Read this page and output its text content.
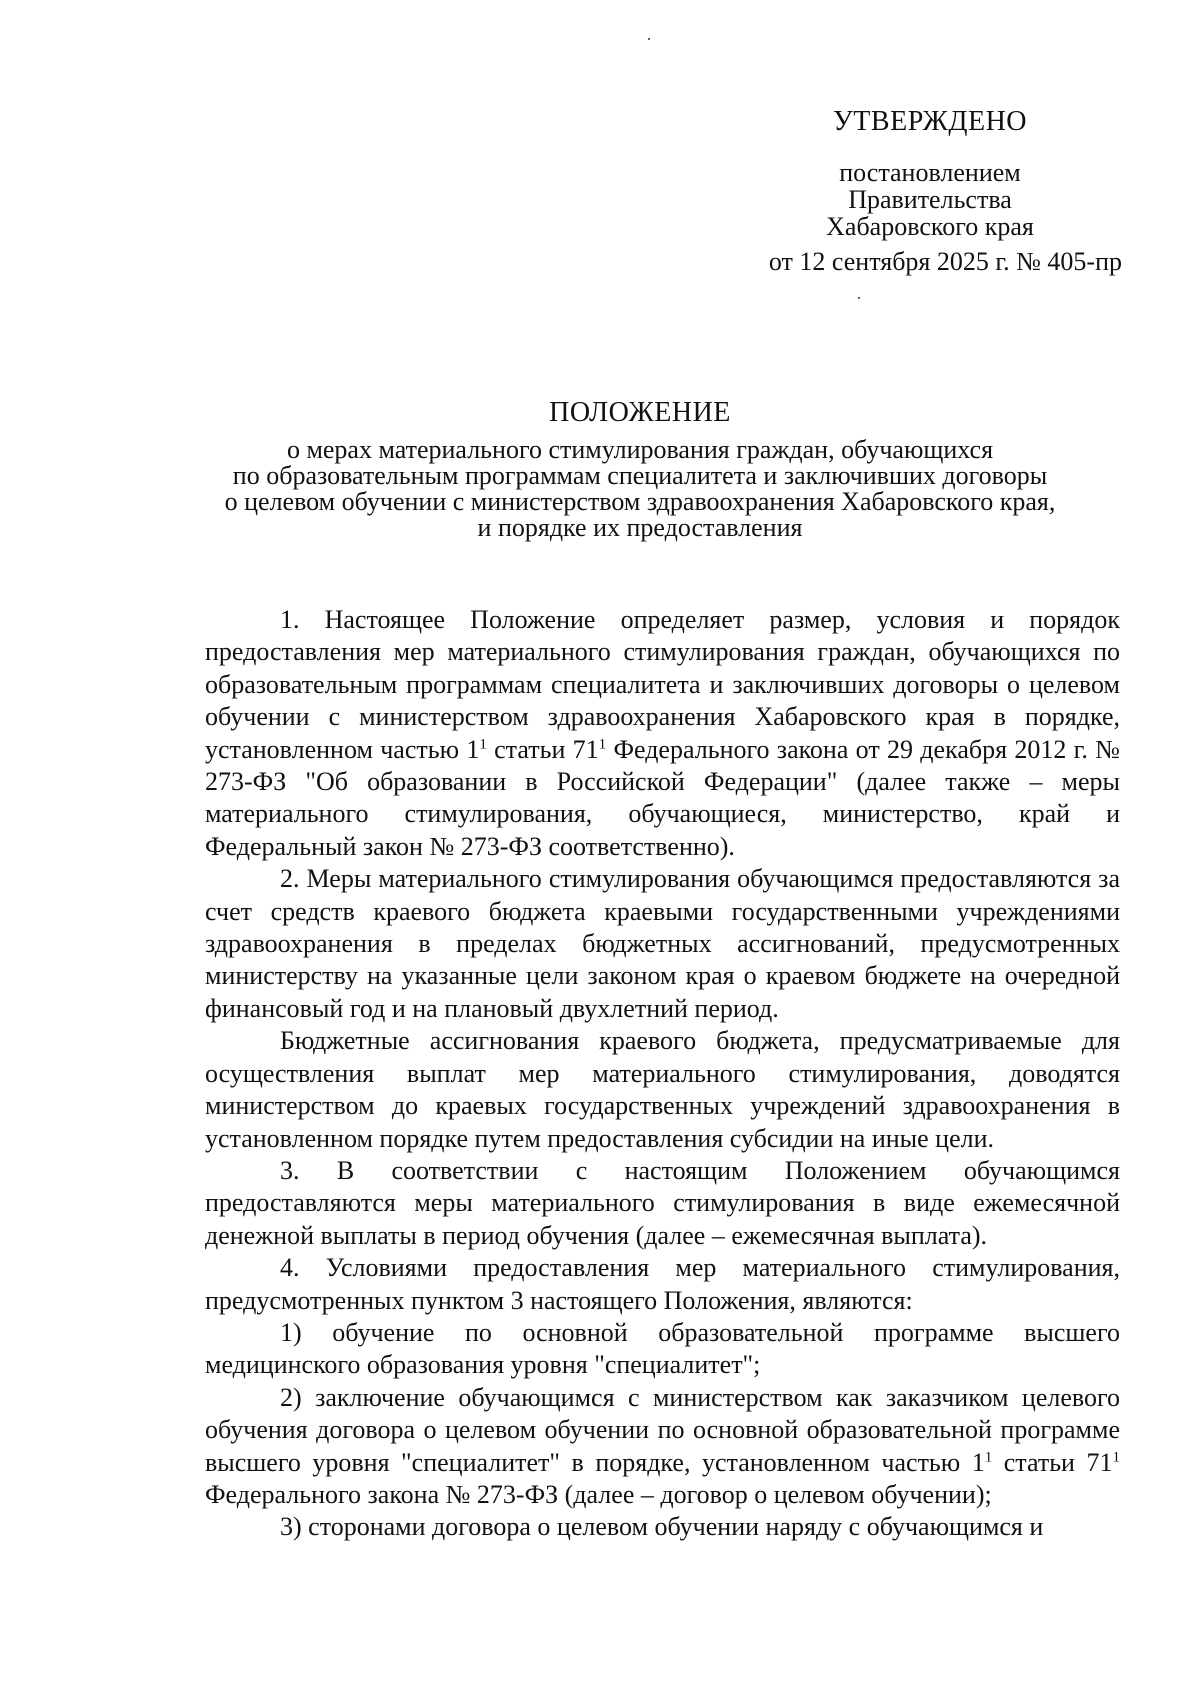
УТВЕРЖДЕНО
постановлением
Правительства
Хабаровского края
от 12 сентября 2025 г. № 405-пр
ПОЛОЖЕНИЕ
о мерах материального стимулирования граждан, обучающихся
по образовательным программам специалитета и заключивших договоры
о целевом обучении с министерством здравоохранения Хабаровского края,
и порядке их предоставления

1. Настоящее Положение определяет размер, условия и порядок предоставления мер материального стимулирования граждан, обучающихся по образовательным программам специалитета и заключивших договоры о целевом обучении с министерством здравоохранения Хабаровского края в порядке, установленном частью $1^1$ статьи $71^1$ Федерального закона от 29 декабря 2012 г. № 273-ФЗ "Об образовании в Российской Федерации" (далее также – меры материального стимулирования, обучающиеся, министерство, край и Федеральный закон № 273-ФЗ соответственно).

2. Меры материального стимулирования обучающимся предоставляются за счет средств краевого бюджета краевыми государственными учреждениями здравоохранения в пределах бюджетных ассигнований, предусмотренных министерству на указанные цели законом края о краевом бюджете на очередной финансовый год и на плановый двухлетний период.

Бюджетные ассигнования краевого бюджета, предусматриваемые для осуществления выплат мер материального стимулирования, доводятся министерством до краевых государственных учреждений здравоохранения в установленном порядке путем предоставления субсидии на иные цели.

3. В соответствии с настоящим Положением обучающимся предоставляются меры материального стимулирования в виде ежемесячной денежной выплаты в период обучения (далее – ежемесячная выплата).

4. Условиями предоставления мер материального стимулирования, предусмотренных пунктом 3 настоящего Положения, являются:

1) обучение по основной образовательной программе высшего медицинского образования уровня "специалитет";

2) заключение обучающимся с министерством как заказчиком целевого обучения договора о целевом обучении по основной образовательной программе высшего уровня "специалитет" в порядке, установленном частью $1^1$ статьи $71^1$ Федерального закона № 273-ФЗ (далее – договор о целевом обучении);

3) сторонами договора о целевом обучении наряду с обучающимся и
